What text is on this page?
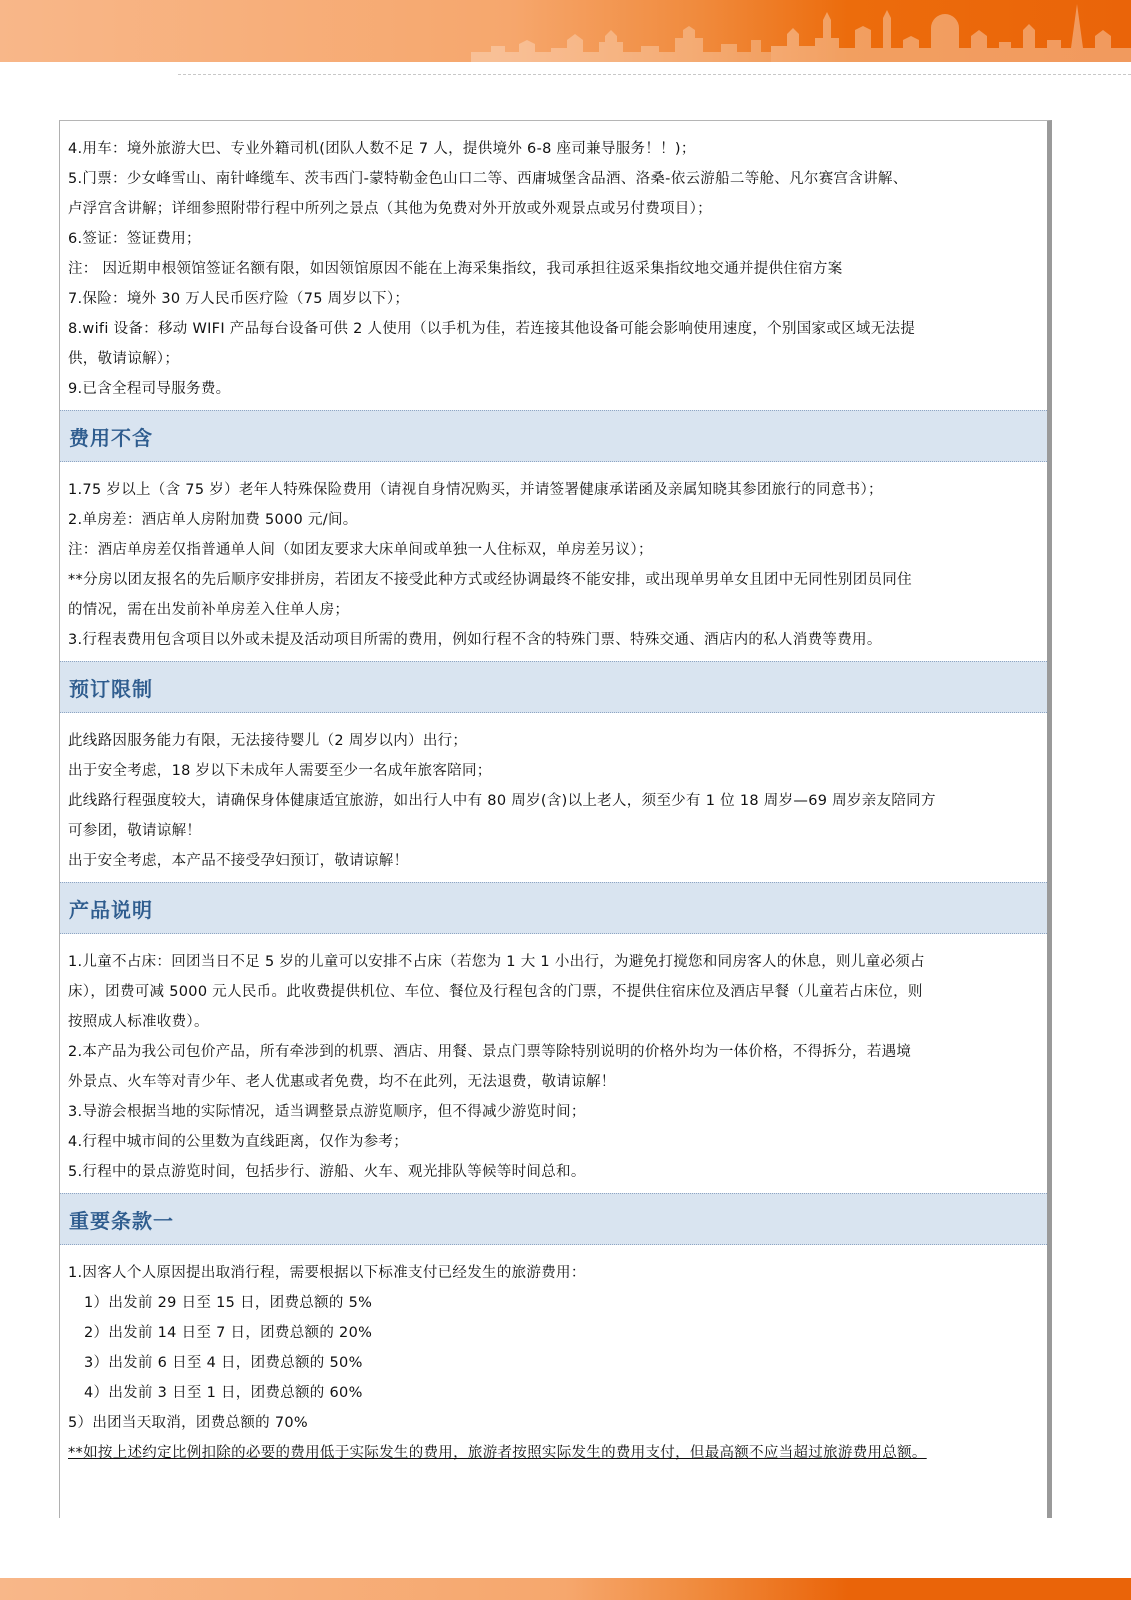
4.用车：境外旅游大巴、专业外籍司机(团队人数不足 7 人，提供境外 6-8 座司兼导服务！！)；
5.门票：少女峰雪山、南针峰缆车、茨韦西门-蒙特勒金色山口二等、西庸城堡含品酒、洛桑-依云游船二等舱、凡尔赛宫含讲解、
卢浮宫含讲解；详细参照附带行程中所列之景点（其他为免费对外开放或外观景点或另付费项目）；
6.签证：签证费用；
注： 因近期申根领馆签证名额有限，如因领馆原因不能在上海采集指纹，我司承担往返采集指纹地交通并提供住宿方案
7.保险：境外 30 万人民币医疗险（75 周岁以下）；
8.wifi 设备：移动 WIFI 产品每台设备可供 2 人使用（以手机为佳，若连接其他设备可能会影响使用速度，个别国家或区域无法提
供，敬请谅解）；
9.已含全程司导服务费。
费用不含
1.75 岁以上（含 75 岁）老年人特殊保险费用（请视自身情况购买，并请签署健康承诺函及亲属知晓其参团旅行的同意书）；
2.单房差：酒店单人房附加费 5000 元/间。
注：酒店单房差仅指普通单人间（如团友要求大床单间或单独一人住标双，单房差另议）；
**分房以团友报名的先后顺序安排拼房，若团友不接受此种方式或经协调最终不能安排，或出现单男单女且团中无同性别团员同住
的情况，需在出发前补单房差入住单人房；
3.行程表费用包含项目以外或未提及活动项目所需的费用，例如行程不含的特殊门票、特殊交通、酒店内的私人消费等费用。
预订限制
此线路因服务能力有限，无法接待婴儿（2 周岁以内）出行；
出于安全考虑，18 岁以下未成年人需要至少一名成年旅客陪同；
此线路行程强度较大，请确保身体健康适宜旅游，如出行人中有 80 周岁(含)以上老人，须至少有 1 位 18 周岁—69 周岁亲友陪同方
可参团，敬请谅解！
出于安全考虑，本产品不接受孕妇预订，敬请谅解！
产品说明
1.儿童不占床：回团当日不足 5 岁的儿童可以安排不占床（若您为 1 大 1 小出行，为避免打搅您和同房客人的休息，则儿童必须占
床），团费可减 5000 元人民币。此收费提供机位、车位、餐位及行程包含的门票，不提供住宿床位及酒店早餐（儿童若占床位，则
按照成人标准收费）。
2.本产品为我公司包价产品，所有牵涉到的机票、酒店、用餐、景点门票等除特别说明的价格外均为一体价格，不得拆分，若遇境
外景点、火车等对青少年、老人优惠或者免费，均不在此列，无法退费，敬请谅解！
3.导游会根据当地的实际情况，适当调整景点游览顺序，但不得减少游览时间；
4.行程中城市间的公里数为直线距离，仅作为参考；
5.行程中的景点游览时间，包括步行、游船、火车、观光排队等候等时间总和。
重要条款一
1.因客人个人原因提出取消行程，需要根据以下标准支付已经发生的旅游费用：
1）出发前 29 日至 15 日，团费总额的 5%
2）出发前 14 日至 7 日，团费总额的 20%
3）出发前 6 日至 4 日，团费总额的 50%
4）出发前 3 日至 1 日，团费总额的 60%
5）出团当天取消，团费总额的 70%
**如按上述约定比例扣除的必要的费用低于实际发生的费用，旅游者按照实际发生的费用支付，但最高额不应当超过旅游费用总额。
